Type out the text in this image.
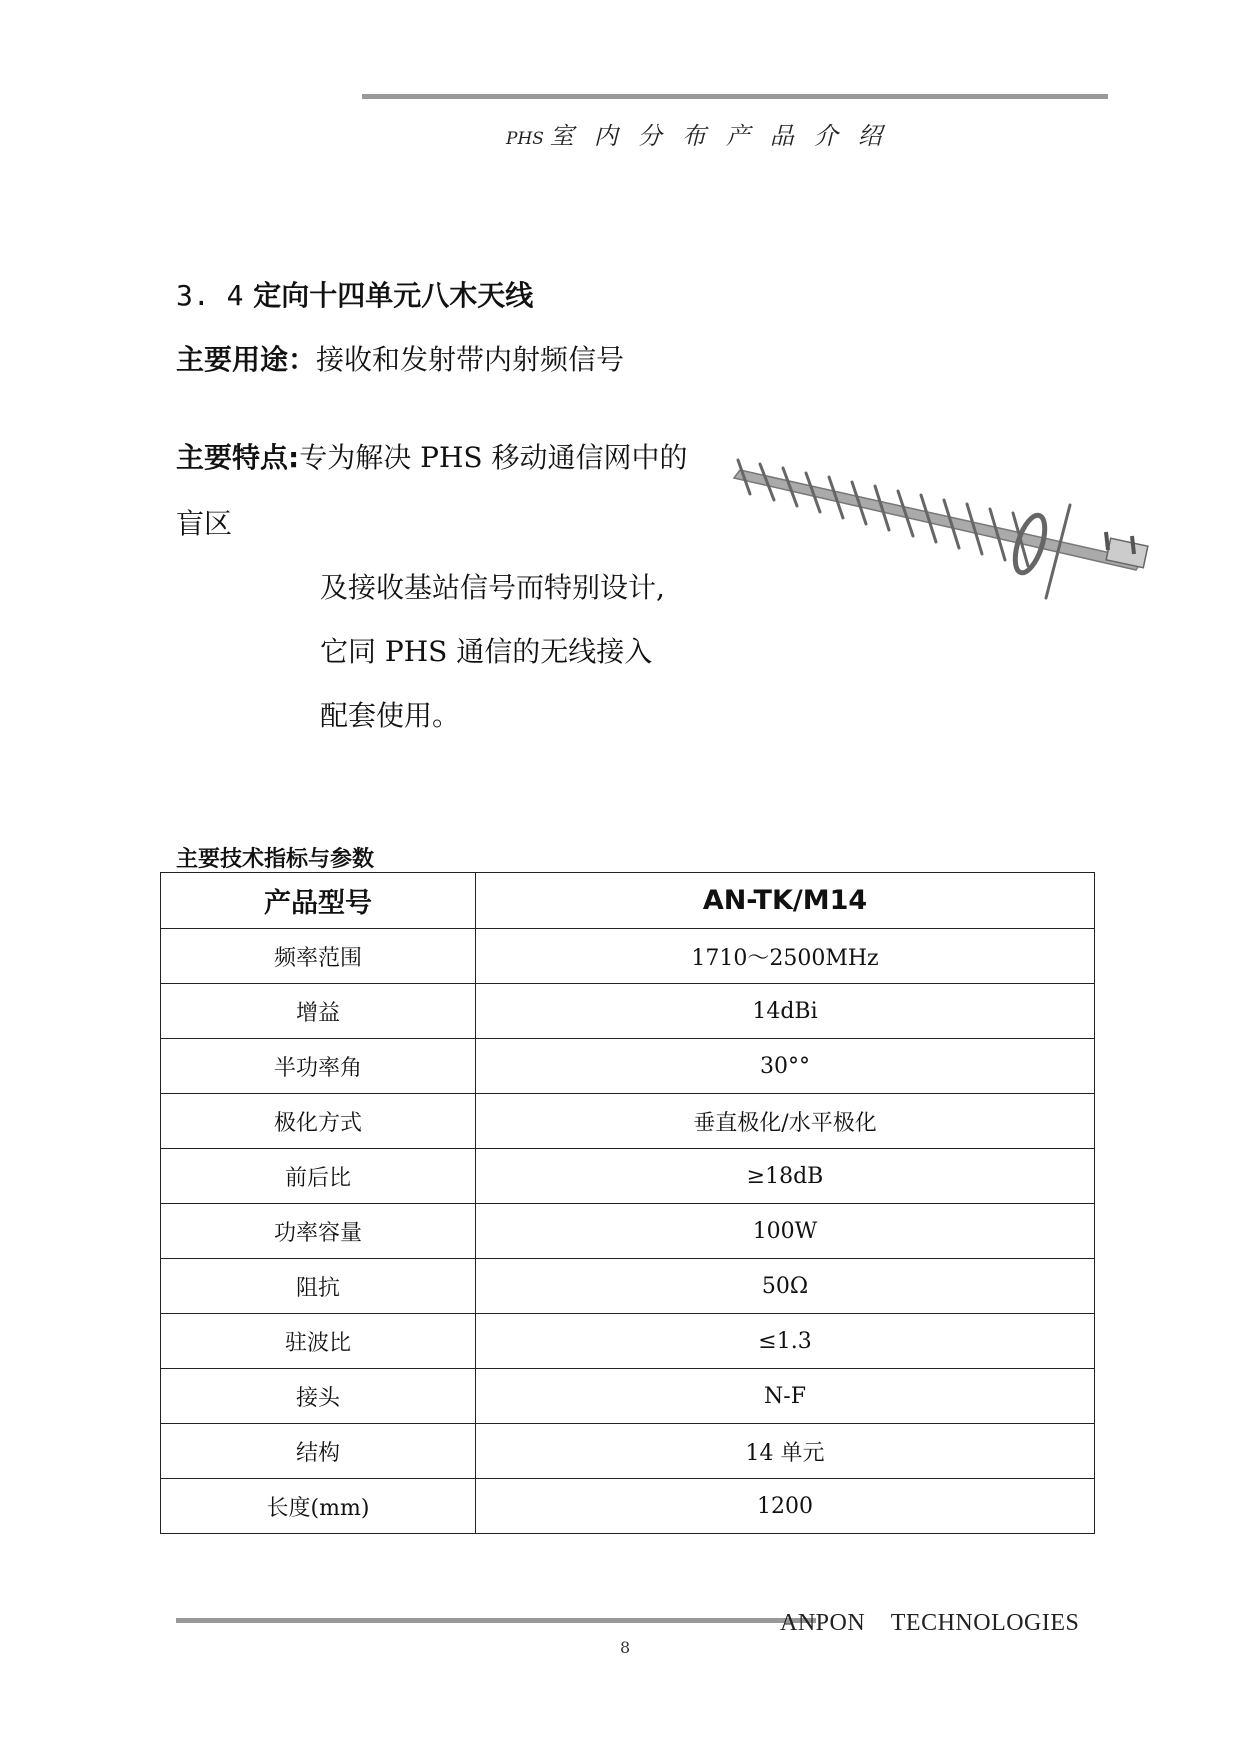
PHS 室内分布产品介绍
3. 4 定向十四单元八木天线
主要用途：接收和发射带内射频信号
主要特点:专为解决 PHS 移动通信网中的
盲区
及接收基站信号而特别设计,
它同 PHS 通信的无线接入
配套使用。
主要技术指标与参数
产品型号	AN-TK/M14
频率范围	1710～2500MHz
增益	14dBi
半功率角	30°°
极化方式	垂直极化/水平极化
前后比	≥18dB
功率容量	100W
阻抗	50Ω
驻波比	≤1.3
接头	N-F
结构	14 单元
长度(mm)	1200
ANPON    TECHNOLOGIES
8
